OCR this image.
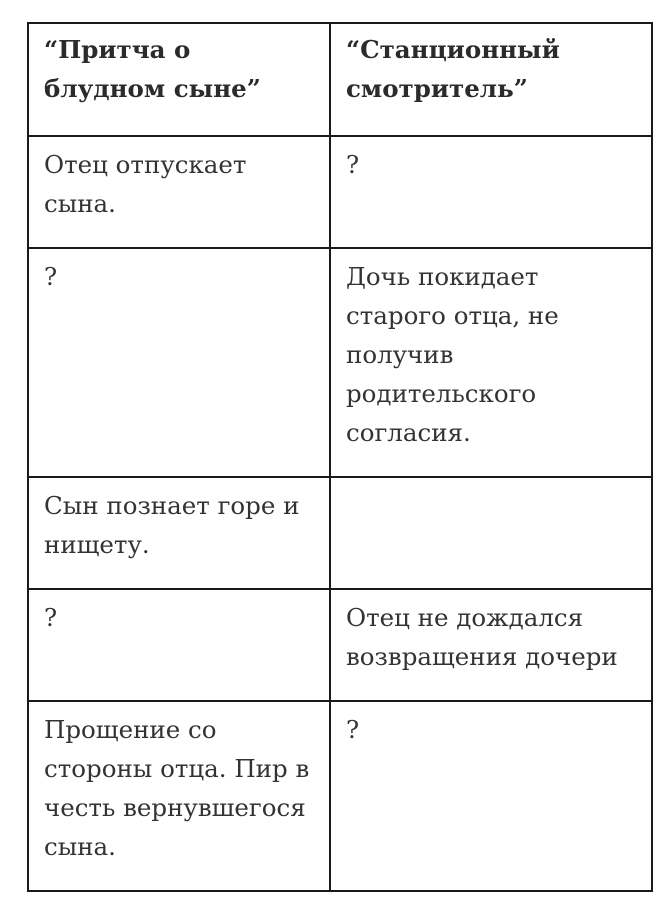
“Притча о блудном сыне”	“Станционный смотритель”
Отец отпускает сына.	?
?	Дочь покидает старого отца, не получив родительского согласия.
Сын познает горе и нищету.	
?	Отец не дождался возвращения дочери
Прощение со стороны отца. Пир в честь вернувшегося сына.	?
